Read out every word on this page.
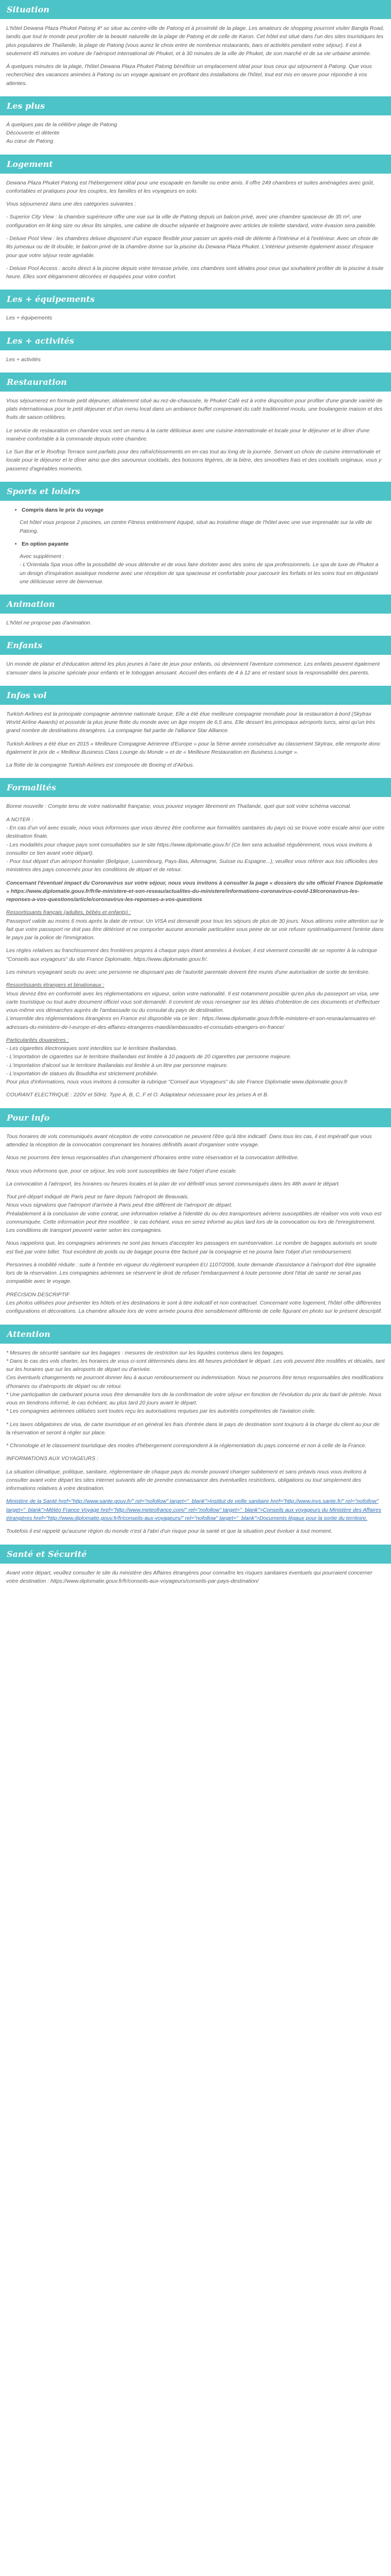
Situation

L'hôtel Dewana Plaza Phuket Patong 4* se situe au centre-ville de Patong et à proximité de la plage. Les amateurs de shopping pourront visiter Bangla Road, tandis que tout le monde peut profiter de la beauté naturelle de la plage de Patong et de celle de Karon. Cet hôtel est situé dans l'un des sites touristiques les plus populaires de Thaïlande, la plage de Patong (vous aurez le choix entre de nombreux restaurants, bars et activités pendant votre séjour). Il est à seulement 45 minutes en voiture de l'aéroport international de Phuket, et à 30 minutes de la ville de Phuket, de son marché et de sa vie urbaine animée.

À quelques minutes de la plage, l'hôtel Dewana Plaza Phuket Patong bénéficie un emplacement idéal pour tous ceux qui séjournent à Patong. Que vous recherchiez des vacances animées à Patong ou un voyage apaisant en profitant des installations de l'hôtel, tout est mis en œuvre pour répondre à vos attentes.

Les plus

À quelques pas de la célèbre plage de Patong

Découverte et détente

Au cœur de Patong

Logement

Dewana Plaza Phuket Patong est l'hébergement idéal pour une escapade en famille ou entre amis. Il offre 249 chambres et suites aménagées avec goût, confortables et pratiques pour les couples, les familles et les voyageurs en solo.

Vous séjournerez dans une des catégories suivantes :

- Superior City View : la chambre supérieure offre une vue sur la ville de Patong depuis un balcon privé, avec une chambre spacieuse de 35 m², une configuration en lit king size ou deux lits simples, une cabine de douche séparée et baignoire avec articles de toilette standard, votre évasion sera paisible.

- Deluxe Pool View : les chambres deluxe disposent d'un espace flexible pour passer un après-midi de détente à l'intérieur et à l'extérieur. Avec un choix de lits jumeaux ou de lit double, le balcon privé de la chambre donne sur la piscine du Dewana Plaza Phuket. L'intérieur présente également assez d'espace pour que votre séjour reste agréable.

- Deluxe Pool Access : accès direct à la piscine depuis votre terrasse privée, ces chambres sont idéales pour ceux qui souhaitent profiter de la piscine à toute heure. Elles sont élégamment décorées et équipées pour votre confort.

Les + équipements

Les + équipements

Les + activités

Les + activités

Restauration

Vous séjournerez en formule petit déjeuner, idéalement situé au rez-de-chaussée, le Phuket Café est à votre disposition pour profiter d'une grande variété de plats internationaux pour le petit déjeuner et d'un menu local dans un ambiance buffet comprenant du café traditionnel moulu, une boulangerie maison et des fruits de saison célèbres.

Le service de restauration en chambre vous sert un menu à la carte délicieux avec une cuisine internationale et locale pour le déjeuner et le dîner d'une manière confortable à la commande depuis votre chambre.

Le Sun Bar et le Rooftop Terrace sont parfaits pour des rafraîchissements en en-cas tout au long de la journée. Servant un choix de cuisine internationale et locale pour le déjeuner et le dîner ainsi que des savoureux cocktails, des boissons légères, de la bière, des smoothies frais et des cocktails originaux, vous y passerez d'agréables moments.

Sports et loisirs
• Compris dans le prix du voyage

Cet hôtel vous propose 2 piscines, un centre Fitness entièrement équipé, situé au troisième étage de l'hôtel avec une vue imprenable sur la ville de Patong.

• En option payante

Avec supplément :

- L'Orientala Spa vous offre la possibilité de vous détendre et de vous faire dorloter avec des soins de spa professionnels. Le spa de luxe de Phuket a un design d'inspiration asiatique moderne avec une réception de spa spacieuse et confortable pour parcourir les forfaits et les soins tout en dégustant une délicieuse verre de bienvenue.

Animation

L'hôtel ne propose pas d'animation.

Enfants

Un monde de plaisir et d'éducation attend les plus jeunes à l'aire de jeux pour enfants, où deviennent l'aventure commence. Les enfants peuvent également s'amuser dans la piscine spéciale pour enfants et le toboggan amusant. Accueil des enfants de 4 à 12 ans et restant sous la responsabilité des parents.

Infos vol

Turkish Airlines est la principale compagnie aérienne nationale turque. Elle a été élue meilleure compagnie mondiale pour la restauration à bord (Skytrax World Airline Awards) et possède la plus jeune flotte du monde avec un âge moyen de 6,5 ans. Elle dessert les principaux aéroports turcs, ainsi qu'un très grand nombre de destinations étrangères. La compagnie fait partie de l'alliance Star Alliance.

Turkish Airlines a été élue en 2015 « Meilleure Compagnie Aérienne d'Europe » pour la 5ème année consécutive au classement Skytrax, elle remporte donc également le prix de « Meilleur Business Class Lounge du Monde » et de « Meilleure Restauration en Business Lounge ».

La flotte de la compagnie Turkish Airlines est composée de Boeing et d'Airbus.

Formalités

Bonne nouvelle : Compte tenu de votre nationalité française, vous pouvez voyager librement en Thaïlande, quel que soit votre schéma vaccinal.

A NOTER :

- En cas d'un vol avec escale, nous vous informons que vous devrez être conforme aux formalités sanitaires du pays où se trouve votre escale ainsi que votre destination finale.

- Les modalités pour chaque pays sont consultables sur le site https://www.diplomatie.gouv.fr/ (Ce lien sera actualisé régulièrement, nous vous invitons à consulter ce lien avant votre départ).

- Pour tout départ d'un aéroport frontalier (Belgique, Luxembourg, Pays-Bas, Allemagne, Suisse ou Espagne...), veuillez vous référer aux lois officielles des ministères des pays concernés pour les conditions de départ et de retour.

Concernant l'éventuel impact du Coronavirus sur votre séjour, nous vous invitons à consulter la page « dossiers du site officiel France Diplomatie » https://www.diplomatie.gouv.fr/fr/le-ministere-et-son-reseau/actualites-du-ministere/informations-coronavirus-covid-19/coronavirus-les-reponses-a-vos-questions/article/coronavirus-les-reponses-a-vos-questions

Ressortissants français (adultes, bébés et enfants) :

Passeport valide au moins 6 mois après la date de retour. Un VISA est demandé pour tous les séjours de plus de 30 jours. Nous attirons votre attention sur le fait que votre passeport ne doit pas être détérioré et ne comporter aucune anomalie particulière sous peine de se voir refuser systématiquement l'entrée dans le pays par la police de l'immigration.

Les règles relatives au franchissement des frontières propres à chaque pays étant amenées à évoluer, il est vivement conseillé de se reporter à la rubrique "Conseils aux voyageurs" du site France Diplomatie, https://www.diplomatie.gouv.fr/.

Les mineurs voyageant seuls ou avec une personne ne disposant pas de l'autorité parentale doivent être munis d'une autorisation de sortie de territoire.

Ressortissants étrangers et binationaux :

Vous devrez être en conformité avec les réglementations en vigueur, selon votre nationalité. Il est notamment possible qu'en plus du passeport un visa, une carte touristique ou tout autre document officiel vous soit demandé. Il convient de vous renseigner sur les délais d'obtention de ces documents et d'effectuer vous-même vos démarches auprès de l'ambassade ou du consulat du pays de destination.

L'ensemble des réglementations étrangères en France est disponible via ce lien : https://www.diplomatie.gouv.fr/fr/le-ministere-et-son-reseau/annuaires-et-adresses-du-ministere-de-l-europe-et-des-affaires-etrangeres-maedi/ambassades-et-consulats-etrangers-en-france/

Particularités douanières :

- Les cigarettes électroniques sont interdites sur le territoire thaïlandais.

- L'importation de cigarettes sur le territoire thaïlandais est limitée à 10 paquets de 20 cigarettes par personne majeure.

- L'importation d'alcool sur le territoire thaïlandais est limitée à un litre par personne majeure.

- L'exportation de statues du Bouddha est strictement prohibée.

Pour plus d'informations, nous vous invitons à consulter la rubrique "Conseil aux Voyageurs" du site France Diplomatie www.diplomatie.gouv.fr

COURANT ELECTRIQUE : 220V et 50Hz. Type A, B, C, F et O. Adaptateur nécessaire pour les prises A et B.

Pour info

Tous horaires de vols communiqués avant réception de votre convocation ne peuvent l'être qu'à titre indicatif. Dans tous les cas, il est impératif que vous attendiez la réception de la convocation comprenant les horaires définitifs avant d'organiser votre voyage.

Nous ne pourrons être tenus responsables d'un changement d'horaires entre votre réservation et la convocation définitive.

Nous vous informons que, pour ce séjour, les vols sont susceptibles de faire l'objet d'une escale.

La convocation à l'aéroport, les horaires ou heures locales et la plan de vol définitif vous seront communiqués dans les 48h avant le départ.

Tout pré-départ indiqué de Paris peut se faire depuis l'aéroport de Beauvais.

Nous vous signalons que l'aéroport d'arrivée à Paris peut être différent de l'aéroport de départ.

Préalablement à la conclusion de votre contrat, une information relative à l'identité du ou des transporteurs aériens susceptibles de réaliser vos vols vous est communiquée. Cette information peut être modifiée ; le cas échéant, vous en serez informé au plus tard lors de la convocation ou lors de l'enregistrement. Les conditions de transport peuvent varier selon les compagnies.

Nous rappelons que, les compagnies aériennes ne sont pas tenues d'accepter les passagers en surréservation. Le nombre de bagages autorisés en soute est fixé par votre billet. Tout excédent de poids ou de bagage pourra être facturé par la compagnie et ne pourra faire l'objet d'un remboursement.

Personnes à mobilité réduite : suite à l'entrée en vigueur du règlement européen EU 1107/2006, toute demande d'assistance à l'aéroport doit être signalée lors de la réservation. Les compagnies aériennes se réservent le droit de refuser l'embarquement à toute personne dont l'état de santé ne serait pas compatible avec le voyage.

PRÉCISION DESCRIPTIF

Les photos utilisées pour présenter les hôtels et les destinations le sont à titre indicatif et non contractuel. Concernant votre logement, l'hôtel offre différentes configurations et décorations. La chambre allouée lors de votre arrivée pourra être sensiblement différente de celle figurant en photo sur le présent descriptif.

Attention

* Mesures de sécurité sanitaire sur les bagages : mesures de restriction sur les liquides contenus dans les bagages.

* Dans le cas des vols charter, les horaires de vous ci-sont déterminés dans les 48 heures précédant le départ. Les vols peuvent être modifiés et décalés, tant sur les horaires que sur les aéroports de départ ou d'arrivée.

Ces éventuels changements ne pourront donner lieu à aucun remboursement ou indemnisation. Nous ne pourrons être tenus responsables des modifications d'horaires ou d'aéroports de départ ou de retour.

* Une participation de carburant pourra vous être demandée lors de la confirmation de votre séjour en fonction de l'évolution du prix du baril de pétrole. Nous vous en tiendrons informé, le cas échéant, au plus tard 20 jours avant le départ.

* Les compagnies aériennes utilisées sont toutes reçu les autorisations requises par les autorités compétentes de l'aviation civile.

* Les taxes obligatoires de visa, de carte touristique et en général les frais d'entrée dans le pays de destination sont toujours à la charge du client au jour de la réservation et seront à régler sur place.

* Chronologie et le classement touristique des modes d'hébergement correspondent à la réglementation du pays concerné et non à celle de la France.

INFORMATIONS AUX VOYAGEURS :

La situation climatique, politique, sanitaire, réglementaire de chaque pays du monde pouvant changer subitement et sans préavis nous vous invitons à consulter avant votre départ les sites internet suivants afin de prendre connaissance des éventuelles restrictions, obligations ou tout simplement des informations relatives à votre destination.

Ministère de la Santé href="http://www.sante.gouv.fr/" rel="nofollow" target="_blank">Institut de veille sanitaire href="http://www.invs.sante.fr/" rel="nofollow" target="_blank">Météo France Voyage href="http://www.meteofrance.com/" rel="nofollow" target="_blank">Conseils aux voyageurs du Ministère des Affaires étrangères href="http://www.diplomatie.gouv.fr/fr/conseils-aux-voyageurs/" rel="nofollow" target="_blank">Documents légaux pour la sortie du territoire.

Toutefois il est rappelé qu'aucune région du monde n'est à l'abri d'un risque pour la santé et que la situation peut évoluer à tout moment.

Santé et Sécurité

Avant votre départ, veuillez consulter le site du ministère des Affaires étrangères pour connaître les risques sanitaires éventuels qui pourraient concerner votre destination : https://www.diplomatie.gouv.fr/fr/conseils-aux-voyageurs/conseils-par-pays-destination/
